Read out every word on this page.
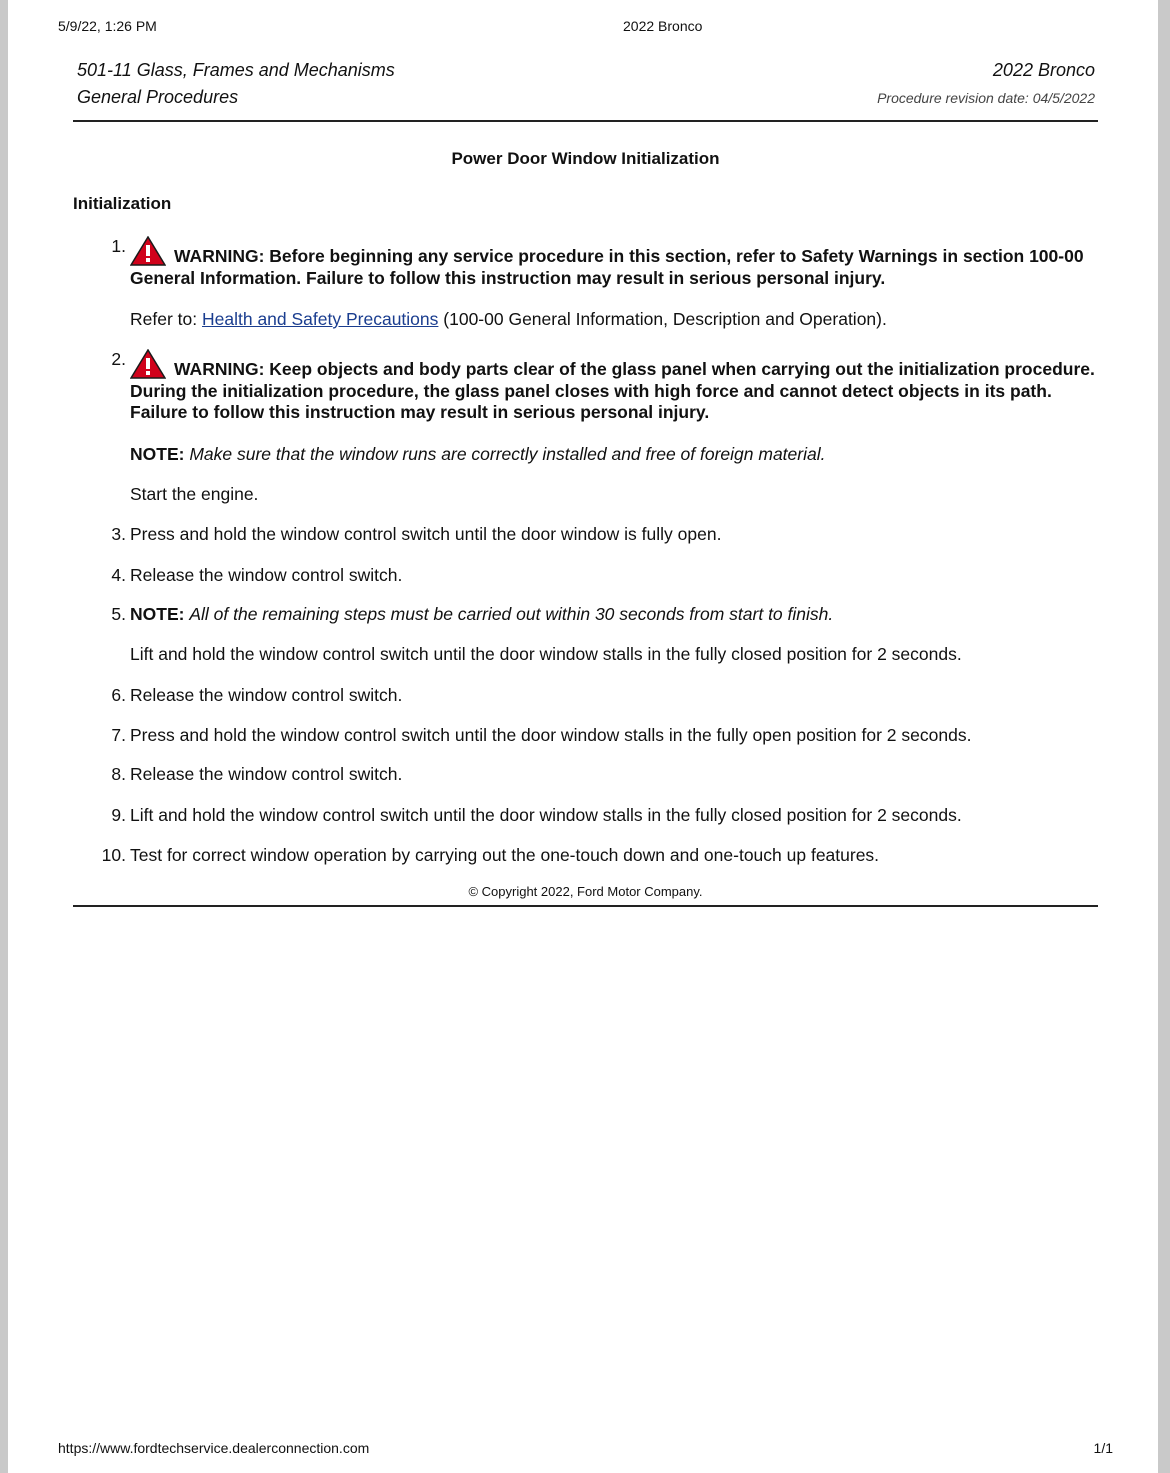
5/9/22, 1:26 PM	2022 Bronco
501-11 Glass, Frames and Mechanisms
General Procedures
2022 Bronco
Procedure revision date: 04/5/2022
Power Door Window Initialization
Initialization
1.	WARNING: Before beginning any service procedure in this section, refer to Safety Warnings in section 100-00 General Information. Failure to follow this instruction may result in serious personal injury.
Refer to: Health and Safety Precautions (100-00 General Information, Description and Operation).
2.	WARNING: Keep objects and body parts clear of the glass panel when carrying out the initialization procedure. During the initialization procedure, the glass panel closes with high force and cannot detect objects in its path. Failure to follow this instruction may result in serious personal injury.
NOTE: Make sure that the window runs are correctly installed and free of foreign material.
Start the engine.
3. Press and hold the window control switch until the door window is fully open.
4. Release the window control switch.
5. NOTE: All of the remaining steps must be carried out within 30 seconds from start to finish.
Lift and hold the window control switch until the door window stalls in the fully closed position for 2 seconds.
6. Release the window control switch.
7. Press and hold the window control switch until the door window stalls in the fully open position for 2 seconds.
8. Release the window control switch.
9. Lift and hold the window control switch until the door window stalls in the fully closed position for 2 seconds.
10. Test for correct window operation by carrying out the one-touch down and one-touch up features.
© Copyright 2022, Ford Motor Company.
https://www.fordtechservice.dealerconnection.com	1/1
